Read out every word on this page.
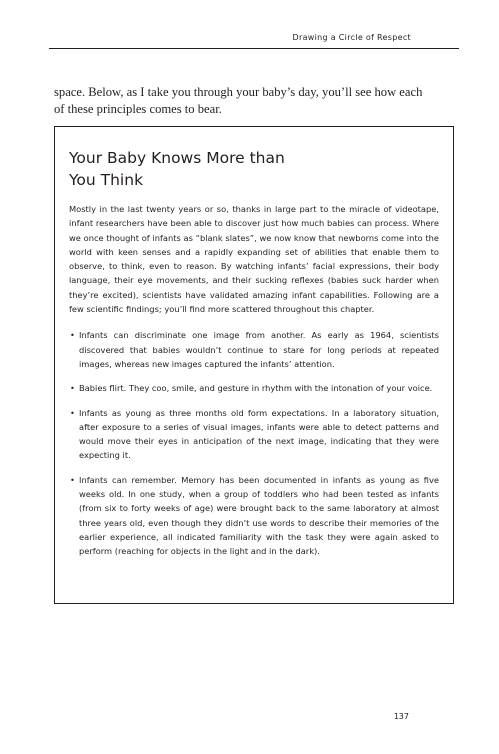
Drawing a Circle of Respect

space. Below, as I take you through your baby’s day, you’ll see how each of these principles comes to bear.

Your Baby Knows More than You Think

Mostly in the last twenty years or so, thanks in large part to the miracle of videotape, infant researchers have been able to discover just how much babies can process. Where we once thought of infants as “blank slates”, we now know that newborns come into the world with keen senses and a rapidly expanding set of abilities that enable them to observe, to think, even to reason. By watching infants’ facial expressions, their body language, their eye movements, and their sucking reflexes (babies suck harder when they’re excited), scientists have validated amazing infant capabilities. Following are a few scientific findings; you’ll find more scattered throughout this chapter.

• Infants can discriminate one image from another. As early as 1964, scientists discovered that babies wouldn’t continue to stare for long periods at repeated images, whereas new images captured the infants’ attention.
• Babies flirt. They coo, smile, and gesture in rhythm with the intonation of your voice.
• Infants as young as three months old form expectations. In a laboratory situation, after exposure to a series of visual images, infants were able to detect patterns and would move their eyes in anticipation of the next image, indicating that they were expecting it.
• Infants can remember. Memory has been documented in infants as young as five weeks old. In one study, when a group of toddlers who had been tested as infants (from six to forty weeks of age) were brought back to the same laboratory at almost three years old, even though they didn’t use words to describe their memories of the earlier experience, all indicated familiarity with the task they were again asked to perform (reaching for objects in the light and in the dark).
137
